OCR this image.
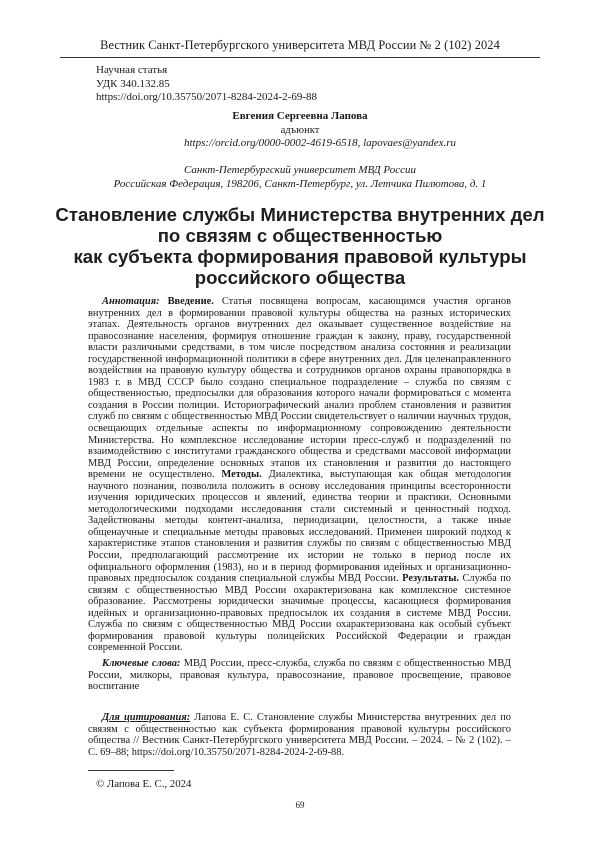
Вестник Санкт-Петербургского университета МВД России № 2 (102) 2024
Научная статья
УДК 340.132.85
https://doi.org/10.35750/2071-8284-2024-2-69-88
Евгения Сергеевна Лапова
адъюнкт
https://orcid.org/0000-0002-4619-6518, lapovaes@yandex.ru
Санкт-Петербургский университет МВД России
Российская Федерация, 198206, Санкт-Петербург, ул. Летчика Пилютова, д. 1
Становление службы Министерства внутренних дел
по связям с общественностью
как субъекта формирования правовой культуры
российского общества
Аннотация: Введение. Статья посвящена вопросам, касающимся участия органов внутренних дел в формировании правовой культуры общества на разных исторических этапах. Деятельность органов внутренних дел оказывает существенное воздействие на правосознание населения, формируя отношение граждан к закону, праву, государственной власти различными средствами, в том числе посредством анализа состояния и реализации государственной информационной политики в сфере внутренних дел. Для целенаправленного воздействия на правовую культуру общества и сотрудников органов охраны правопорядка в 1983 г. в МВД СССР было создано специальное подразделение – служба по связям с общественностью, предпосылки для образования которого начали формироваться с момента создания в России полиции. Историографический анализ проблем становления и развития служб по связям с общественностью МВД России свидетельствует о наличии научных трудов, освещающих отдельные аспекты по информационному сопровождению деятельности Министерства. Но комплексное исследование истории пресс-служб и подразделений по взаимодействию с институтами гражданского общества и средствами массовой информации МВД России, определение основных этапов их становления и развития до настоящего времени не осуществлено. Методы. Диалектика, выступающая как общая методология научного познания, позволила положить в основу исследования принципы всесторонности изучения юридических процессов и явлений, единства теории и практики. Основными методологическими подходами исследования стали системный и ценностный подход. Задействованы методы контент-анализа, периодизации, целостности, а также иные общенаучные и специальные методы правовых исследований. Применен широкий подход к характеристике этапов становления и развития службы по связям с общественностью МВД России, предполагающий рассмотрение их истории не только в период после их официального оформления (1983), но и в период формирования идейных и организационно-правовых предпосылок создания специальной службы МВД России. Результаты. Служба по связям с общественностью МВД России охарактеризована как комплексное системное образование. Рассмотрены юридически значимые процессы, касающиеся формирования идейных и организационно-правовых предпосылок их создания в системе МВД России. Служба по связям с общественностью МВД России охарактеризована как особый субъект формирования правовой культуры полицейских Российской Федерации и граждан современной России.
Ключевые слова: МВД России, пресс-служба, служба по связям с общественностью МВД России, милкоры, правовая культура, правосознание, правовое просвещение, правовое воспитание
Для цитирования: Лапова Е. С. Становление службы Министерства внутренних дел по связям с общественностью как субъекта формирования правовой культуры российского общества // Вестник Санкт-Петербургского университета МВД России. – 2024. – № 2 (102). – С. 69–88; https://doi.org/10.35750/2071-8284-2024-2-69-88.
© Лапова Е. С., 2024
69
